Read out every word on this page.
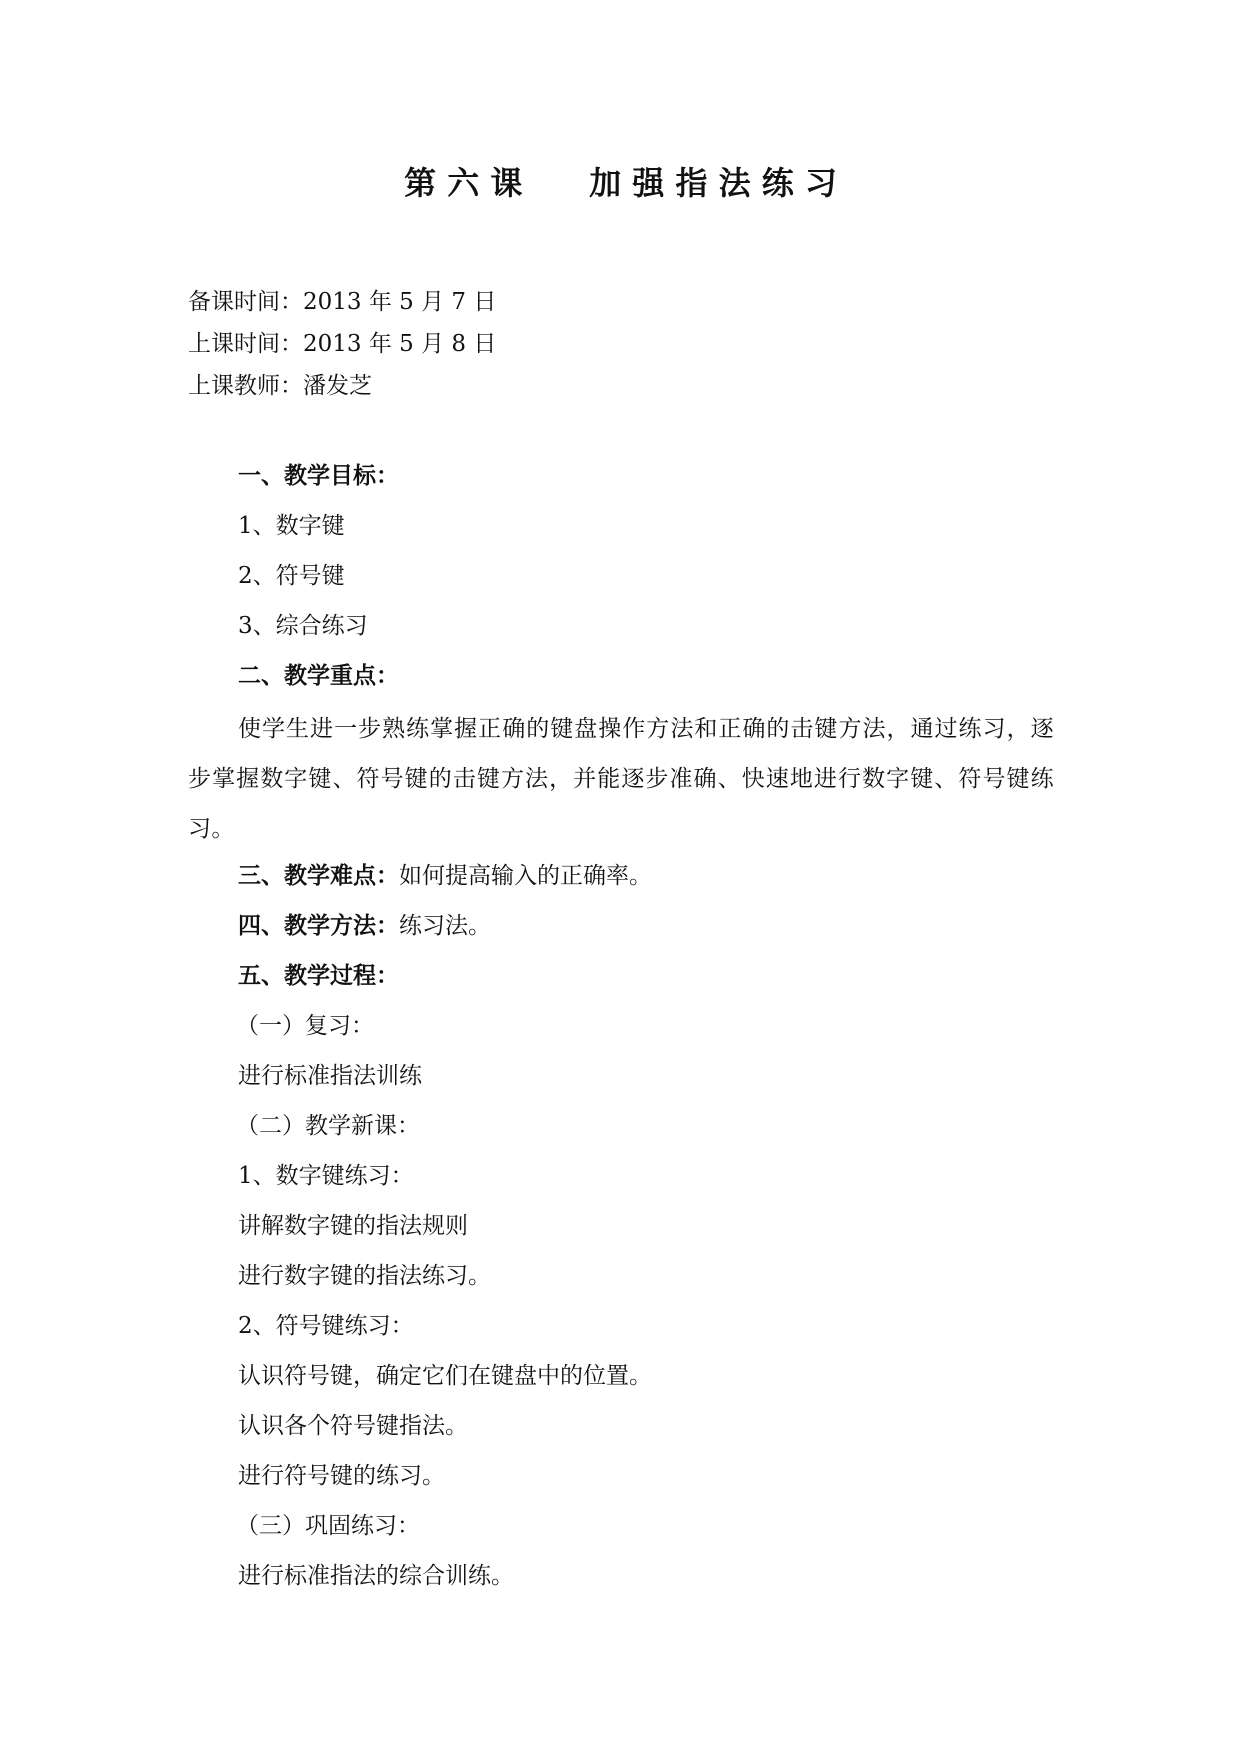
第 六 课      加 强 指 法 练 习
备课时间：2013 年 5 月 7 日
上课时间：2013 年 5 月 8 日
上课教师：潘发芝
一、教学目标：
1、数字键
2、符号键
3、综合练习
二、教学重点：
使学生进一步熟练掌握正确的键盘操作方法和正确的击键方法，通过练习，逐步掌握数字键、符号键的击键方法，并能逐步准确、快速地进行数字键、符号键练习。
三、教学难点：如何提高输入的正确率。
四、教学方法：练习法。
五、教学过程：
（一）复习：
进行标准指法训练
（二）教学新课：
1、数字键练习：
讲解数字键的指法规则
进行数字键的指法练习。
2、符号键练习：
认识符号键，确定它们在键盘中的位置。
认识各个符号键指法。
进行符号键的练习。
（三）巩固练习：
进行标准指法的综合训练。
